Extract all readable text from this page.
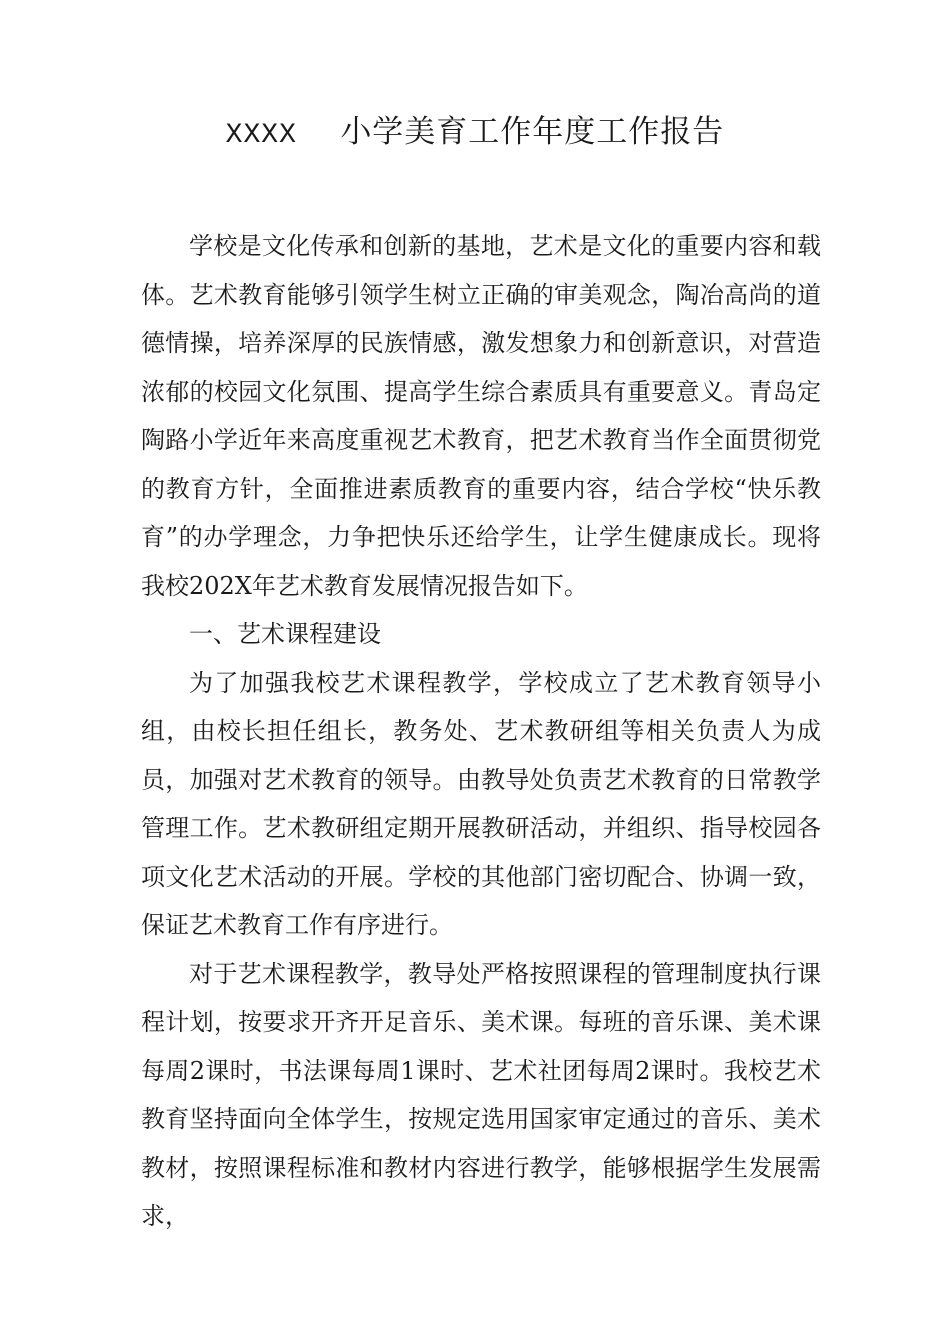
XXXX 小学美育工作年度工作报告

学校是文化传承和创新的基地，艺术是文化的重要内容和载体。艺术教育能够引领学生树立正确的审美观念，陶冶高尚的道德情操，培养深厚的民族情感，激发想象力和创新意识，对营造浓郁的校园文化氛围、提高学生综合素质具有重要意义。青岛定陶路小学近年来高度重视艺术教育，把艺术教育当作全面贯彻党的教育方针，全面推进素质教育的重要内容，结合学校“快乐教育”的办学理念，力争把快乐还给学生，让学生健康成长。现将我校202X年艺术教育发展情况报告如下。

一、艺术课程建设

为了加强我校艺术课程教学，学校成立了艺术教育领导小组，由校长担任组长，教务处、艺术教研组等相关负责人为成员，加强对艺术教育的领导。由教导处负责艺术教育的日常教学管理工作。艺术教研组定期开展教研活动，并组织、指导校园各项文化艺术活动的开展。学校的其他部门密切配合、协调一致，保证艺术教育工作有序进行。

对于艺术课程教学，教导处严格按照课程的管理制度执行课程计划，按要求开齐开足音乐、美术课。每班的音乐课、美术课每周2课时，书法课每周1课时、艺术社团每周2课时。我校艺术教育坚持面向全体学生，按规定选用国家审定通过的音乐、美术教材，按照课程标准和教材内容进行教学，能够根据学生发展需求，
